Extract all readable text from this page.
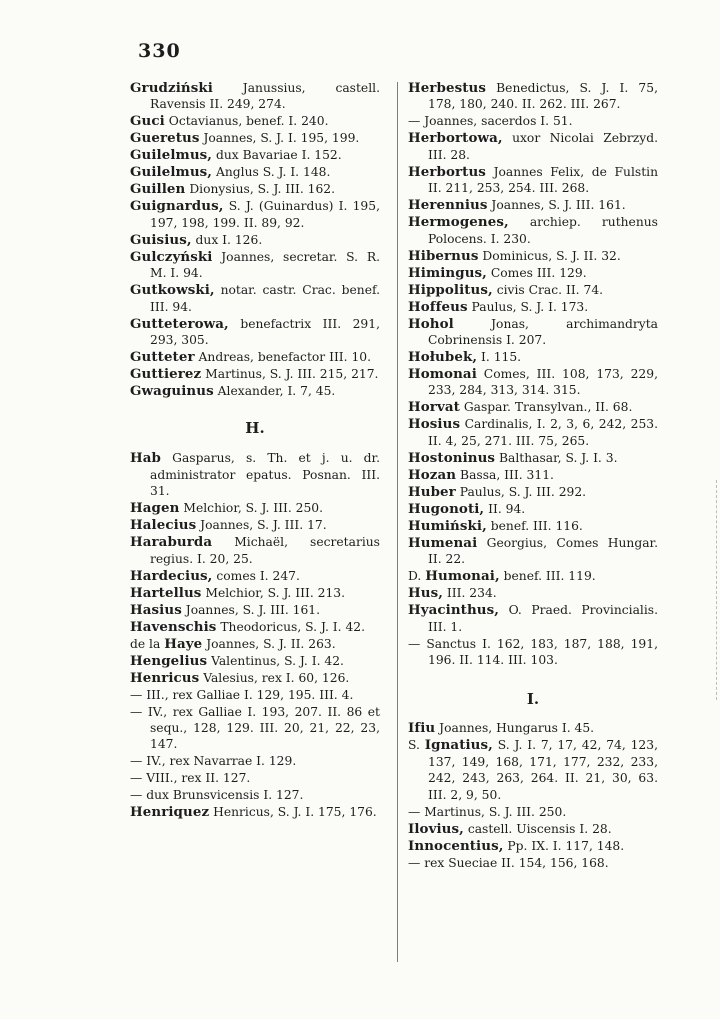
330
Grudziński Janussius, castell. Ravensis II. 249, 274.
Guci Octavianus, benef. I. 240.
Gueretus Joannes, S. J. I. 195, 199.
Guilelmus, dux Bavariae I. 152.
Guilelmus, Anglus S. J. I. 148.
Guillen Dionysius, S. J. III. 162.
Guignardus, S. J. (Guinardus) I. 195, 197, 198, 199. II. 89, 92.
Guisius, dux I. 126.
Gulczyński Joannes, secretar. S. R. M. I. 94.
Gutkowski, notar. castr. Crac. benef. III. 94.
Gutteterowa, benefactrix III. 291, 293, 305.
Gutteter Andreas, benefactor III. 10.
Guttierez Martinus, S. J. III. 215, 217.
Gwaguinus Alexander, I. 7, 45.
H.
Hab Gasparus, s. Th. et j. u. dr. administrator epatus. Posnan. III. 31.
Hagen Melchior, S. J. III. 250.
Halecius Joannes, S. J. III. 17.
Haraburda Michaël, secretarius regius. I. 20, 25.
Hardecius, comes I. 247.
Hartellus Melchior, S. J. III. 213.
Hasius Joannes, S. J. III. 161.
Havenschis Theodoricus, S. J. I. 42.
de la Haye Joannes, S. J. II. 263.
Hengelius Valentinus, S. J. I. 42.
Henricus Valesius, rex I. 60, 126.
— III., rex Galliae I. 129, 195. III. 4.
— IV., rex Galliae I. 193, 207. II. 86 et sequ., 128, 129. III. 20, 21, 22, 23, 147.
— IV., rex Navarrae I. 129.
— VIII., rex II. 127.
— dux Brunsvicensis I. 127.
Henriquez Henricus, S. J. I. 175, 176.
Herbestus Benedictus, S. J. I. 75, 178, 180, 240. II. 262. III. 267.
— Joannes, sacerdos I. 51.
Herbortowa, uxor Nicolai Zebrzyd. III. 28.
Herbortus Joannes Felix, de Fulstin II. 211, 253, 254. III. 268.
Herennius Joannes, S. J. III. 161.
Hermogenes, archiep. ruthenus Polocens. I. 230.
Hibernus Dominicus, S. J. II. 32.
Himingus, Comes III. 129.
Hippolitus, civis Crac. II. 74.
Hoffeus Paulus, S. J. I. 173.
Hohol	Jonas, archimandryta Cobrinensis I. 207.
Hołubek, I. 115.
Homonai Comes, III. 108, 173, 229, 233, 284, 313, 314. 315.
Horvat Gaspar. Transylvan., II. 68.
Hosius Cardinalis, I. 2, 3, 6, 242, 253. II. 4, 25, 271. III. 75, 265.
Hostoninus Balthasar, S. J. I. 3.
Hozan Bassa, III. 311.
Huber Paulus, S. J. III. 292.
Hugonoti, II. 94.
Humiński, benef. III. 116.
Humenai Georgius, Comes Hungar. II. 22.
D. Humonai, benef. III. 119.
Hus, III. 234.
Hyacinthus, O. Praed. Provincialis. III. 1.
— Sanctus I. 162, 183, 187, 188, 191, 196. II. 114. III. 103.
I.
Ifiu Joannes, Hungarus I. 45.
S. Ignatius, S. J. I. 7, 17, 42, 74, 123, 137, 149, 168, 171, 177, 232, 233, 242, 243, 263, 264. II. 21, 30, 63. III. 2, 9, 50.
— Martinus, S. J. III. 250.
Ilovius, castell. Uiscensis I. 28.
Innocentius, Pp. IX. I. 117, 148.
— rex Sueciae II. 154, 156, 168.
